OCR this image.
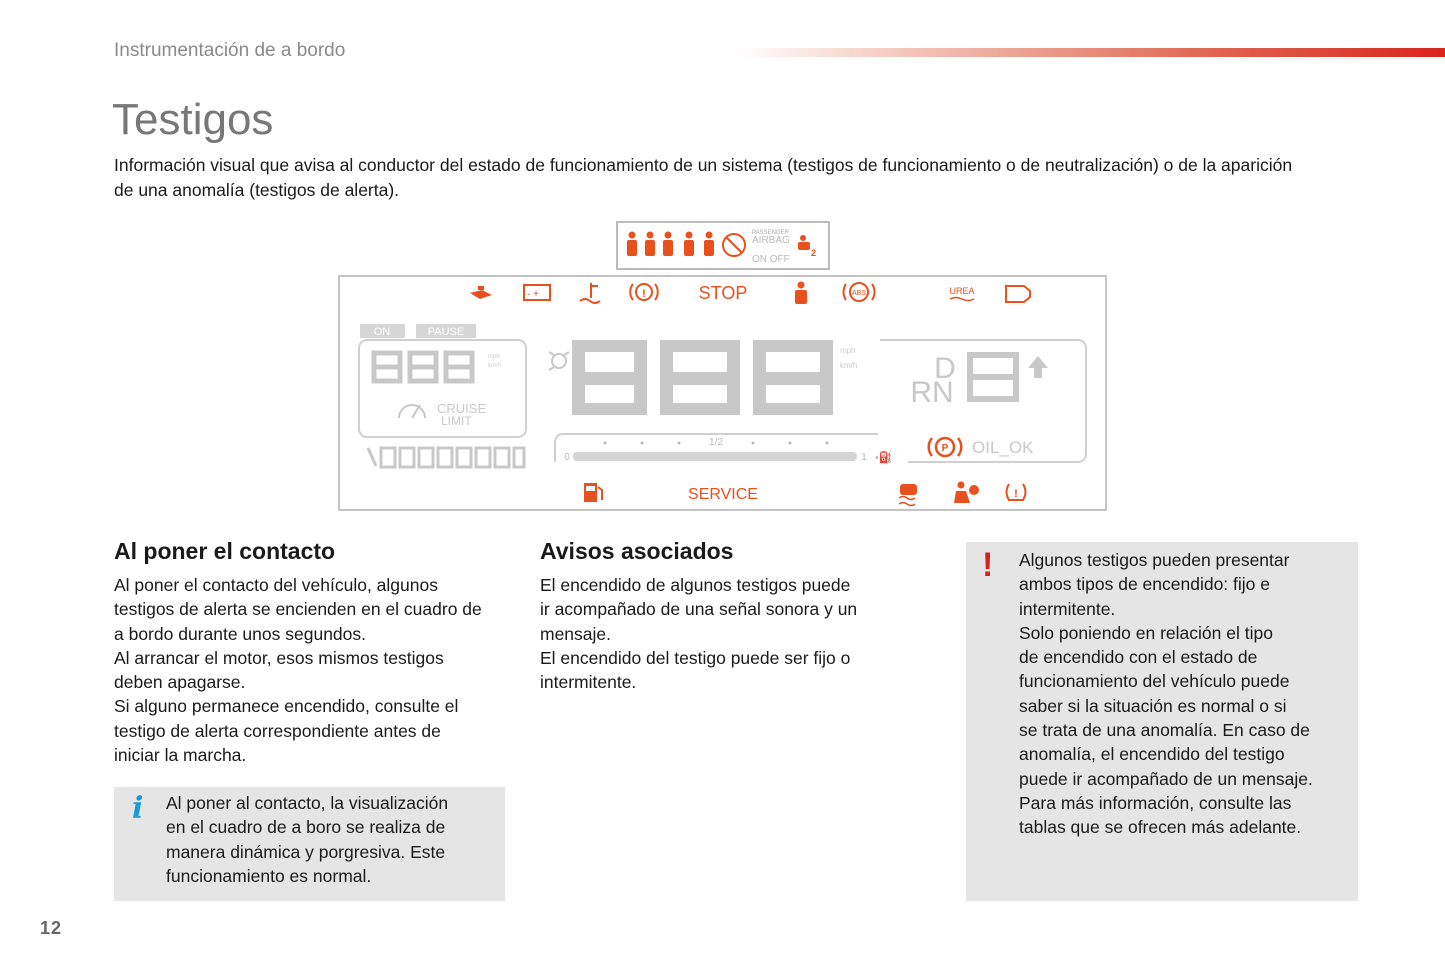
Instrumentación de a bordo
Testigos

Información visual que avisa al conductor del estado de funcionamiento de un sistema (testigos de funcionamiento o de neutralización) o de la aparición de una anomalía (testigos de alerta).

PASSENGER
AIRBAG
ON OFF
2
- +	!	STOP	ABS	UREA
ON	PAUSE
mph
km/h
CRUISE
LIMIT
mph
km/h	D
RN
P OIL_OK
0
1/2
1 •⛽
SERVICE	!
Al poner el contacto

Al poner el contacto del vehículo, algunos
testigos de alerta se encienden en el cuadro de
a bordo durante unos segundos.
Al arrancar el motor, esos mismos testigos
deben apagarse.
Si alguno permanece encendido, consulte el
testigo de alerta correspondiente antes de
iniciar la marcha.

i Al poner al contacto, la visualización
en el cuadro de a boro se realiza de
manera dinámica y porgresiva. Este
funcionamiento es normal.
Avisos asociados

El encendido de algunos testigos puede
ir acompañado de una señal sonora y un
mensaje.
El encendido del testigo puede ser fijo o
intermitente.

! Algunos testigos pueden presentar
ambos tipos de encendido: fijo e
intermitente.
Solo poniendo en relación el tipo
de encendido con el estado de
funcionamiento del vehículo puede
saber si la situación es normal o si
se trata de una anomalía. En caso de
anomalía, el encendido del testigo
puede ir acompañado de un mensaje.
Para más información, consulte las
tablas que se ofrecen más adelante.
12
